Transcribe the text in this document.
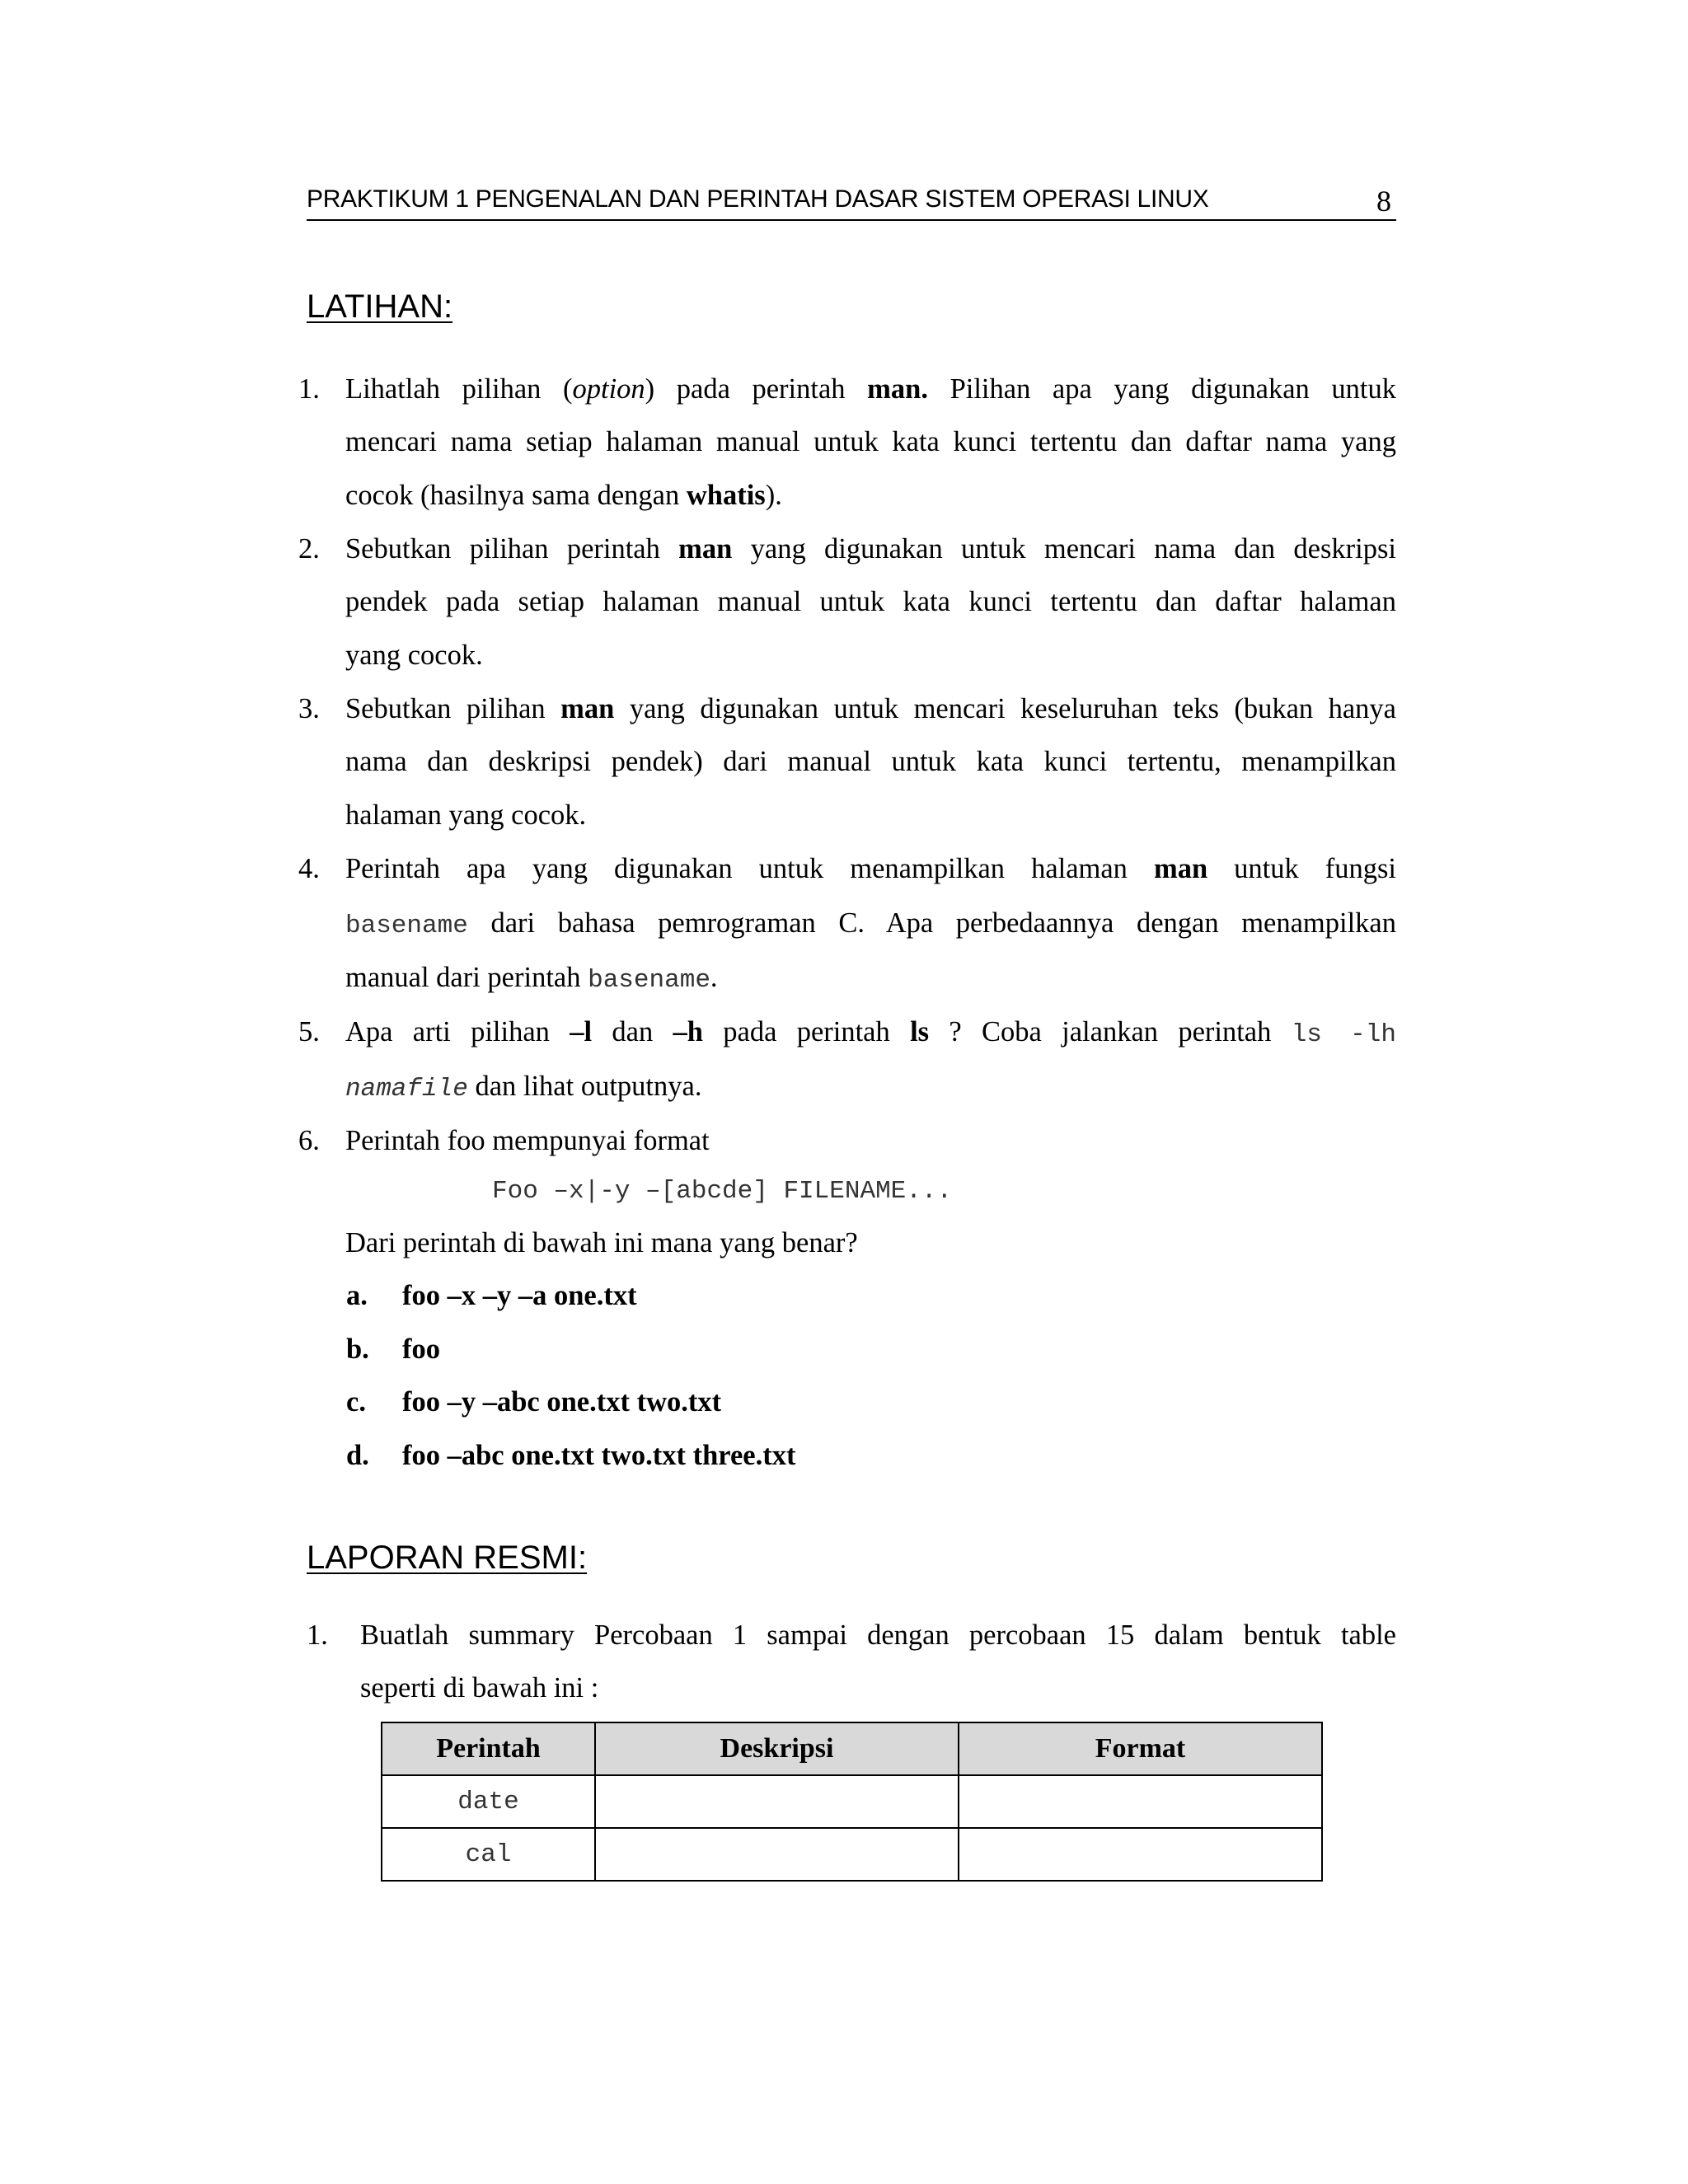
PRAKTIKUM 1 PENGENALAN DAN PERINTAH DASAR SISTEM OPERASI LINUX	8
LATIHAN:
1. Lihatlah pilihan (option) pada perintah man. Pilihan apa yang digunakan untuk
mencari nama setiap halaman manual untuk kata kunci tertentu dan daftar nama yang
cocok (hasilnya sama dengan whatis).
2. Sebutkan pilihan perintah man yang digunakan untuk mencari nama dan deskripsi
pendek pada setiap halaman manual untuk kata kunci tertentu dan daftar halaman
yang cocok.
3. Sebutkan pilihan man yang digunakan untuk mencari keseluruhan teks (bukan hanya
nama dan deskripsi pendek) dari manual untuk kata kunci tertentu, menampilkan
halaman yang cocok.
4. Perintah apa yang digunakan untuk menampilkan halaman man untuk fungsi
basename dari bahasa pemrograman C. Apa perbedaannya dengan menampilkan
manual dari perintah basename.
5. Apa arti pilihan –l dan –h pada perintah ls ? Coba jalankan perintah ls -lh
namafile dan lihat outputnya.
6. Perintah foo mempunyai format
Foo –x|-y –[abcde] FILENAME...
Dari perintah di bawah ini mana yang benar?
a. foo –x –y –a one.txt
b. foo
c. foo –y –abc one.txt two.txt
d. foo –abc one.txt two.txt three.txt
LAPORAN RESMI:
1. Buatlah summary Percobaan 1 sampai dengan percobaan 15 dalam bentuk table
seperti di bawah ini :
Perintah	Deskripsi	Format
date		
cal		
